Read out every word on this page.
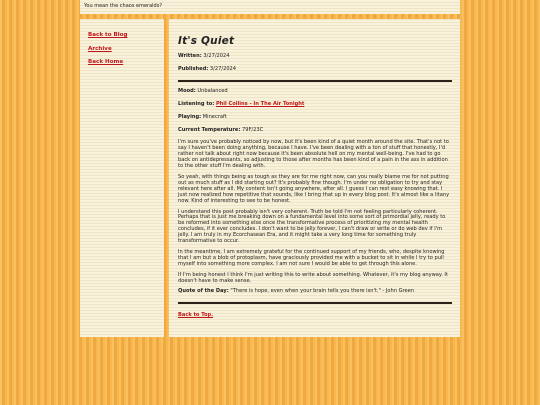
You mean the chaos emeralds?
Back to Blog
Archive
Back Home
It's Quiet
Written: 3/27/2024
Published: 3/27/2024
Mood: Unbalanced
Listening to: Phil Collins - In The Air Tonight
Playing: Minecraft
Current Temperature: 79F/23C

I'm sure you've probably noticed by now, but it's been kind of a quiet month around the site. That's not to say I haven't been doing anything, because I have. I've been dealing with a ton of stuff that honestly, I'd rather not talk about right now because it's been absolute hell on my mental well-being. I've had to go back on antidepressants, so adjusting to those after months has been kind of a pain in the ass in addition to the other stuff I'm dealing with.

So yeah, with things being as tough as they are for me right now, can you really blame me for not putting out as much stuff as I did starting out? It's probably fine though. I'm under no obligation to try and stay relevant here after all. My content isn't going anywhere, after all. I guess I can rest easy knowing that. I just now realized how repetitive that sounds, like I bring that up in every blog post. It's almost like a litany now. Kind of interesting to see to be honest.

I understand this post probably isn't very coherent. Truth be told I'm not feeling particularly coherent. Perhaps that is just me breaking down on a fundamental level into some sort of primordial jelly, ready to be reformed into something else once the transformative process of prioritizing my mental health concludes, if it ever concludes. I don't want to be jelly forever, I can't draw or write or do web dev if I'm jelly. I am truly in my Ecorchasean Era, and it might take a very long time for something truly transformative to occur.

In the meantime, I am extremely grateful for the continued support of my friends, who, despite knowing that I am but a blob of protoplasm, have graciously provided me with a bucket to sit in while I try to pull myself into something more complex. I am not sure I would be able to get through this alone.

If I'm being honest I think I'm just writing this to write about something. Whatever, it's my blog anyway. It doesn't have to make sense.

Quote of the Day: "There is hope, even when your brain tells you there isn't." - John Green
Back to Top.
